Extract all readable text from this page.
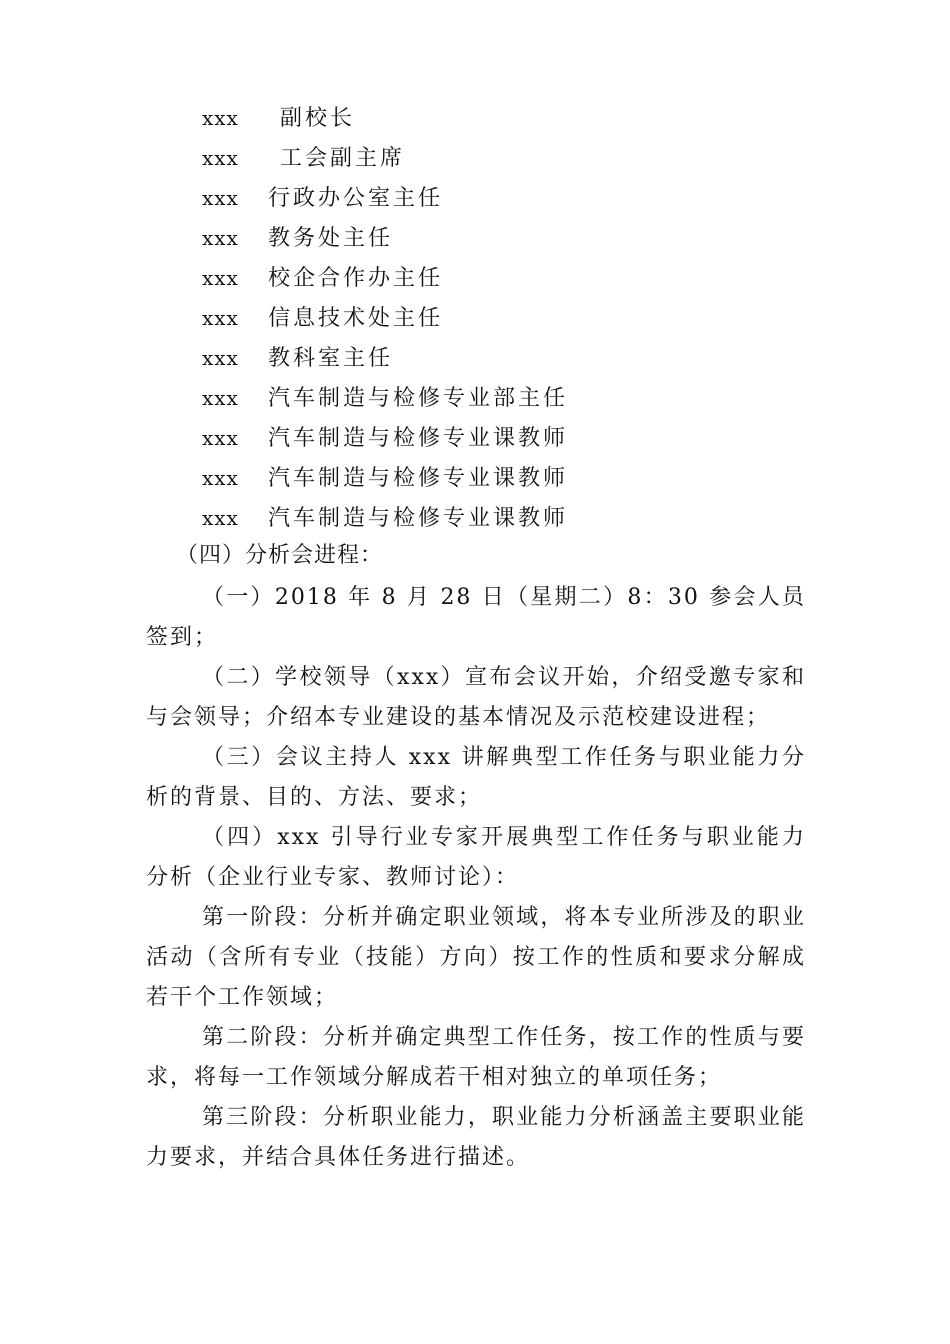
xxx 副校长
xxx 工会副主席
xxx 行政办公室主任
xxx 教务处主任
xxx 校企合作办主任
xxx 信息技术处主任
xxx 教科室主任
xxx 汽车制造与检修专业部主任
xxx 汽车制造与检修专业课教师
xxx 汽车制造与检修专业课教师
xxx 汽车制造与检修专业课教师
（四）分析会进程：

（一）2018 年 8 月 28 日（星期二）8：30 参会人员签到；

（二）学校领导（xxx）宣布会议开始，介绍受邀专家和与会领导；介绍本专业建设的基本情况及示范校建设进程；

（三）会议主持人 xxx 讲解典型工作任务与职业能力分析的背景、目的、方法、要求；

（四）xxx 引导行业专家开展典型工作任务与职业能力分析（企业行业专家、教师讨论）：

第一阶段：分析并确定职业领域，将本专业所涉及的职业活动（含所有专业（技能）方向）按工作的性质和要求分解成若干个工作领域；

第二阶段：分析并确定典型工作任务，按工作的性质与要求，将每一工作领域分解成若干相对独立的单项任务；

第三阶段：分析职业能力，职业能力分析涵盖主要职业能力要求，并结合具体任务进行描述。
